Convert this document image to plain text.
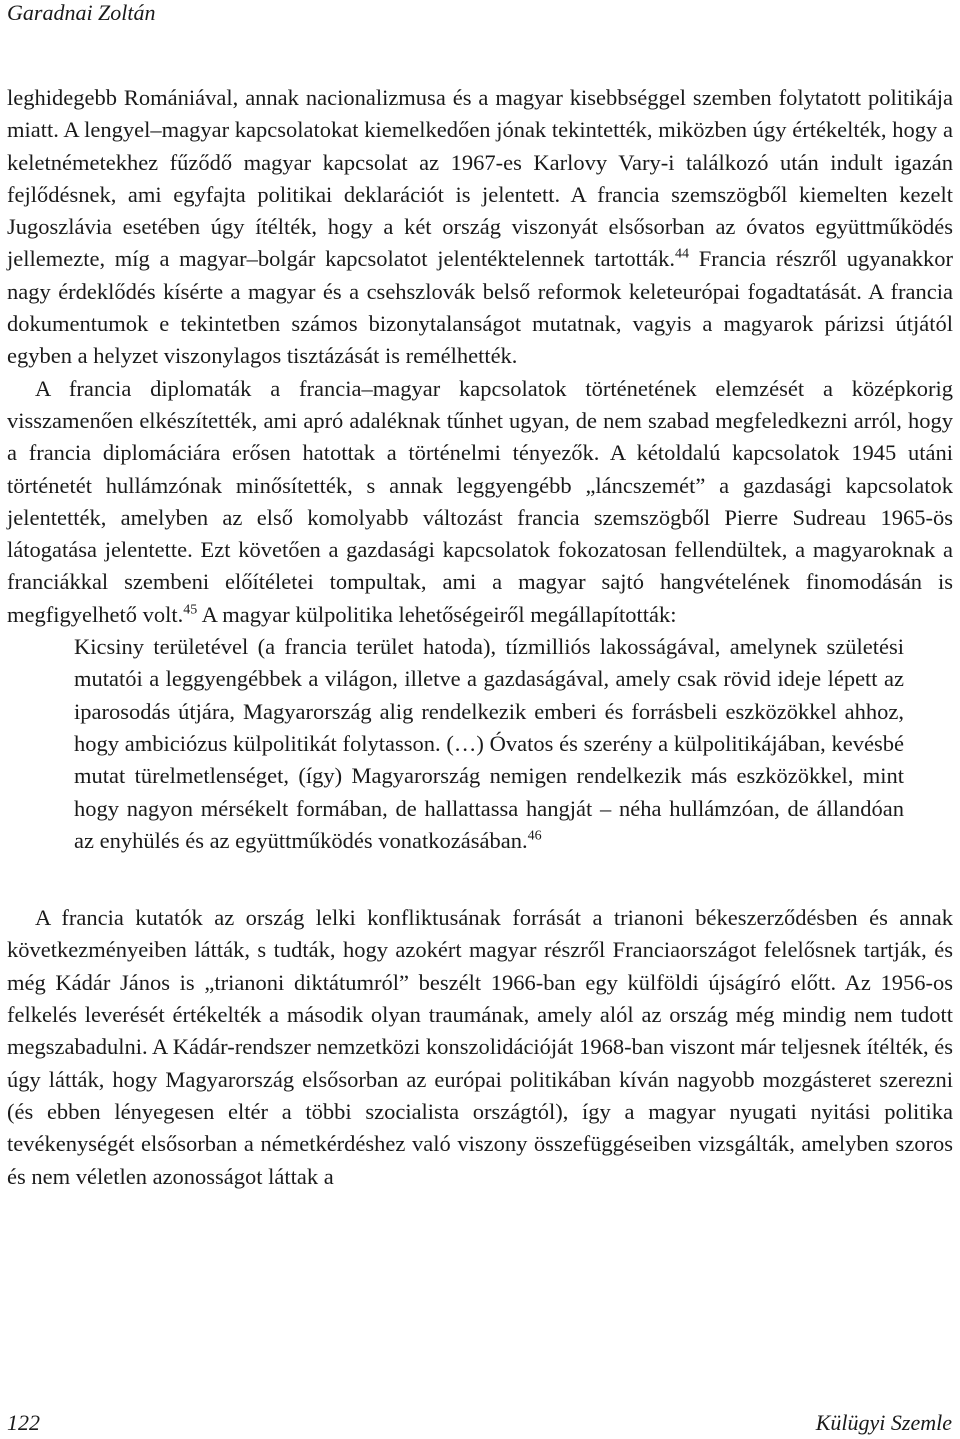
Garadnai Zoltán

leghidegebb Romániával, annak nacionalizmusa és a magyar kisebbséggel szemben folytatott politikája miatt. A lengyel–magyar kapcsolatokat kiemelkedően jónak tekintették, miközben úgy értékelték, hogy a keletnémetekhez fűződő magyar kapcsolat az 1967-es Karlovy Vary-i találkozó után indult igazán fejlődésnek, ami egyfajta politikai deklarációt is jelentett. A francia szemszögből kiemelten kezelt Jugoszlávia esetében úgy ítélték, hogy a két ország viszonyát elsősorban az óvatos együttműködés jellemezte, míg a magyar–bolgár kapcsolatot jelentéktelennek tartották.$^{44}$ Francia részről ugyanakkor nagy érdeklődés kísérte a magyar és a csehszlovák belső reformok keleteurópai fogadtatását. A francia dokumentumok e tekintetben számos bizonytalanságot mutatnak, vagyis a magyarok párizsi útjától egyben a helyzet viszonylagos tisztázását is remélhették.

A francia diplomaták a francia–magyar kapcsolatok történetének elemzését a középkorig visszamenően elkészítették, ami apró adaléknak tűnhet ugyan, de nem szabad megfeledkezni arról, hogy a francia diplomáciára erősen hatottak a történelmi tényezők. A kétoldalú kapcsolatok 1945 utáni történetét hullámzónak minősítették, s annak leggyengébb „láncszemét” a gazdasági kapcsolatok jelentették, amelyben az első komolyabb változást francia szemszögből Pierre Sudreau 1965-ös látogatása jelentette. Ezt követően a gazdasági kapcsolatok fokozatosan fellendültek, a magyaroknak a franciákkal szembeni előítéletei tompultak, ami a magyar sajtó hangvételének finomodásán is megfigyelhető volt.$^{45}$ A magyar külpolitika lehetőségeiről megállapították:

Kicsiny területével (a francia terület hatoda), tízmilliós lakosságával, amelynek születési mutatói a leggyengébbek a világon, illetve a gazdaságával, amely csak rövid ideje lépett az iparosodás útjára, Magyarország alig rendelkezik emberi és forrásbeli eszközökkel ahhoz, hogy ambiciózus külpolitikát folytasson. (…) Óvatos és szerény a külpolitikájában, kevésbé mutat türelmetlenséget, (így) Magyarország nemigen rendelkezik más eszközökkel, mint hogy nagyon mérsékelt formában, de hallattassa hangját – néha hullámzóan, de állandóan az enyhülés és az együttműködés vonatkozásában.$^{46}$

A francia kutatók az ország lelki konfliktusának forrását a trianoni békeszerződésben és annak következményeiben látták, s tudták, hogy azokért magyar részről Franciaországot felelősnek tartják, és még Kádár János is „trianoni diktátumról” beszélt 1966-ban egy külföldi újságíró előtt. Az 1956-os felkelés leverését értékelték a második olyan traumának, amely alól az ország még mindig nem tudott megszabadulni. A Kádár-rendszer nemzetközi konszolidációját 1968-ban viszont már teljesnek ítélték, és úgy látták, hogy Magyarország elsősorban az európai politikában kíván nagyobb mozgásteret szerezni (és ebben lényegesen eltér a többi szocialista országtól), így a magyar nyugati nyitási politika tevékenységét elsősorban a németkérdéshez való viszony összefüggéseiben vizsgálták, amelyben szoros és nem véletlen azonosságot láttak a

122	Külügyi Szemle
